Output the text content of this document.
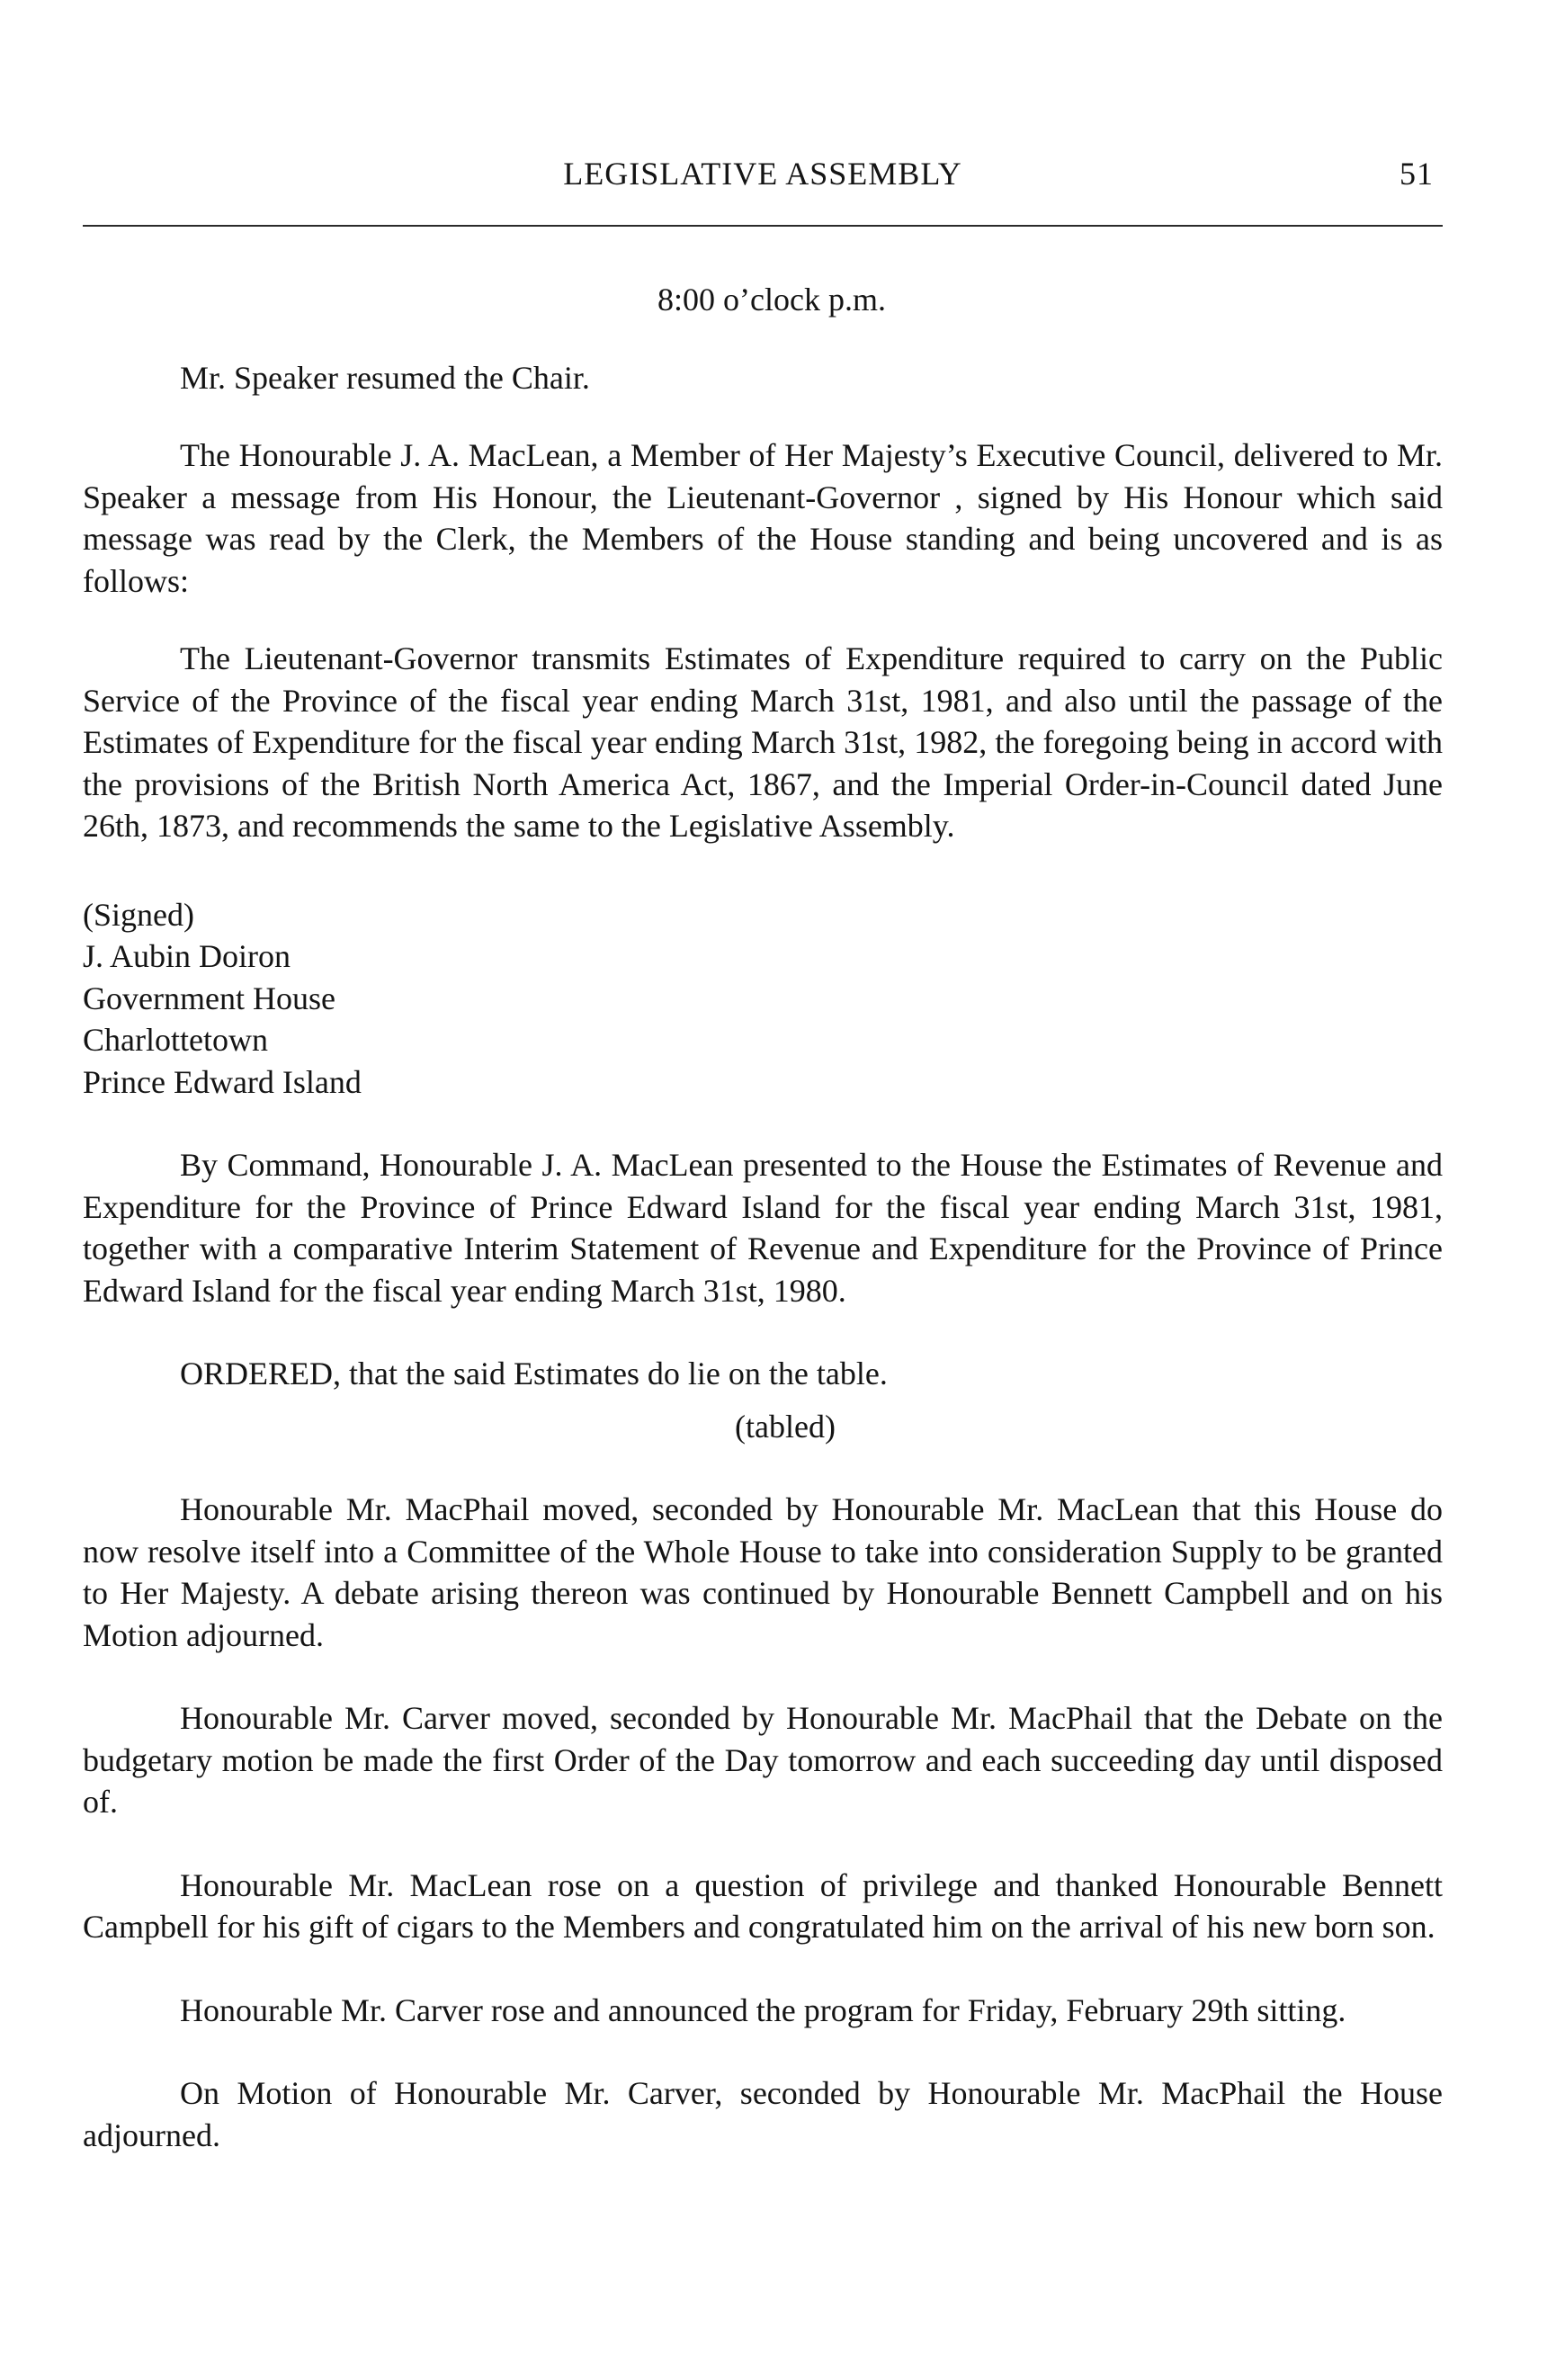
LEGISLATIVE ASSEMBLY	51

8:00 o’clock p.m.

Mr. Speaker resumed the Chair.

The Honourable J. A. MacLean, a Member of Her Majesty’s Executive Council, delivered to Mr. Speaker a message from His Honour, the Lieutenant-Governor , signed by His Honour which said message was read by the Clerk, the Members of the House standing and being uncovered and is as follows:

The Lieutenant-Governor transmits Estimates of Expenditure required to carry on the Public Service of the Province of the fiscal year ending March 31st, 1981, and also until the passage of the Estimates of Expenditure for the fiscal year ending March 31st, 1982, the foregoing being in accord with the provisions of the British North America Act, 1867, and the Imperial Order-in-Council dated June 26th, 1873, and recommends the same to the Legislative Assembly.

(Signed)

J. Aubin Doiron

Government House

Charlottetown

Prince Edward Island

By Command, Honourable J. A. MacLean presented to the House the Estimates of Revenue and Expenditure for the Province of Prince Edward Island for the fiscal year ending March 31st, 1981, together with a comparative Interim Statement of Revenue and Expenditure for the Province of Prince Edward Island for the fiscal year ending March 31st, 1980.

ORDERED, that the said Estimates do lie on the table.

(tabled)

Honourable Mr. MacPhail moved, seconded by Honourable Mr. MacLean that this House do now resolve itself into a Committee of the Whole House to take into consideration Supply to be granted to Her Majesty. A debate arising thereon was continued by Honourable Bennett Campbell and on his Motion adjourned.

Honourable Mr. Carver moved, seconded by Honourable Mr. MacPhail that the Debate on the budgetary motion be made the first Order of the Day tomorrow and each succeeding day until disposed of.

Honourable Mr. MacLean rose on a question of privilege and thanked Honourable Bennett Campbell for his gift of cigars to the Members and congratulated him on the arrival of his new born son.

Honourable Mr. Carver rose and announced the program for Friday, February 29th sitting.

On Motion of Honourable Mr. Carver, seconded by Honourable Mr. MacPhail the House adjourned.
